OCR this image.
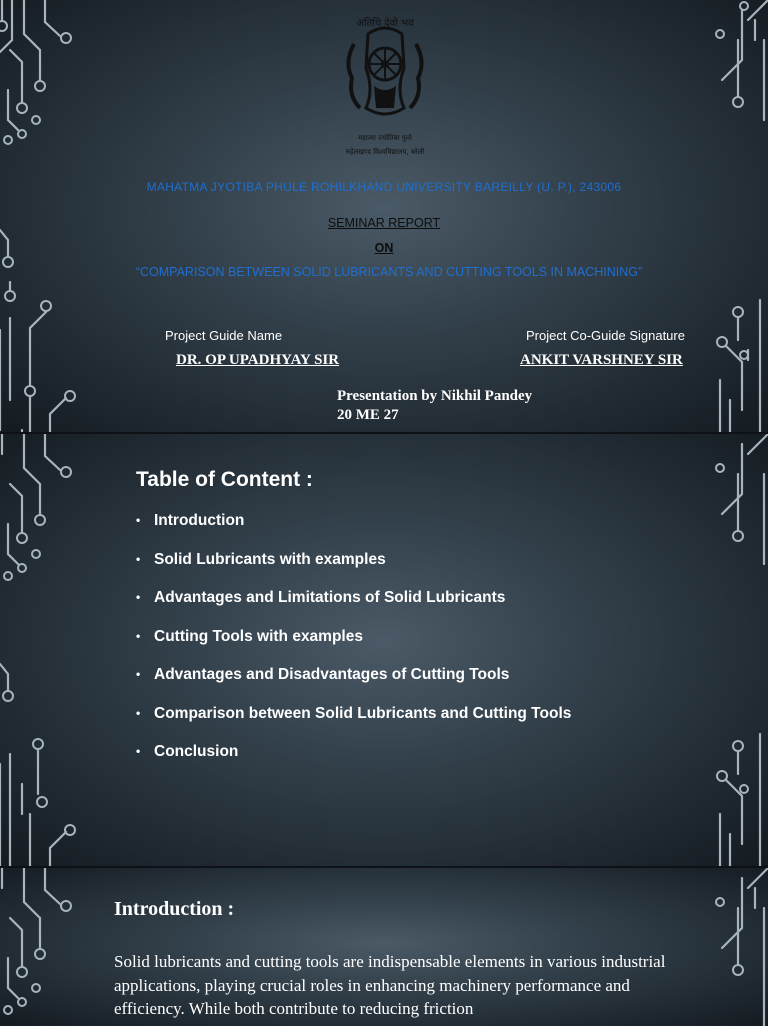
अतिथि देवो भव
महात्मा ज्योतिबा फुले
रुहेलखण्ड विश्वविद्यालय, बरेली
MAHATMA JYOTIBA PHULE ROHILKHAND UNIVERSITY BAREILLY (U. P.), 243006
SEMINAR REPORT
ON
“COMPARISON BETWEEN SOLID LUBRICANTS AND CUTTING TOOLS IN MACHINING”
Project Guide Name	Project Co-Guide Signature
DR. OP UPADHYAY SIR	ANKIT VARSHNEY SIR
Presentation by Nikhil Pandey
20 ME 27
Table of Content :
• Introduction
• Solid Lubricants with examples
• Advantages and Limitations of Solid Lubricants
• Cutting Tools with examples
• Advantages and Disadvantages of Cutting Tools
• Comparison between Solid Lubricants and Cutting Tools
• Conclusion
Introduction :
Solid lubricants and cutting tools are indispensable elements in various industrial applications, playing crucial roles in enhancing machinery performance and efficiency. While both contribute to reducing friction
